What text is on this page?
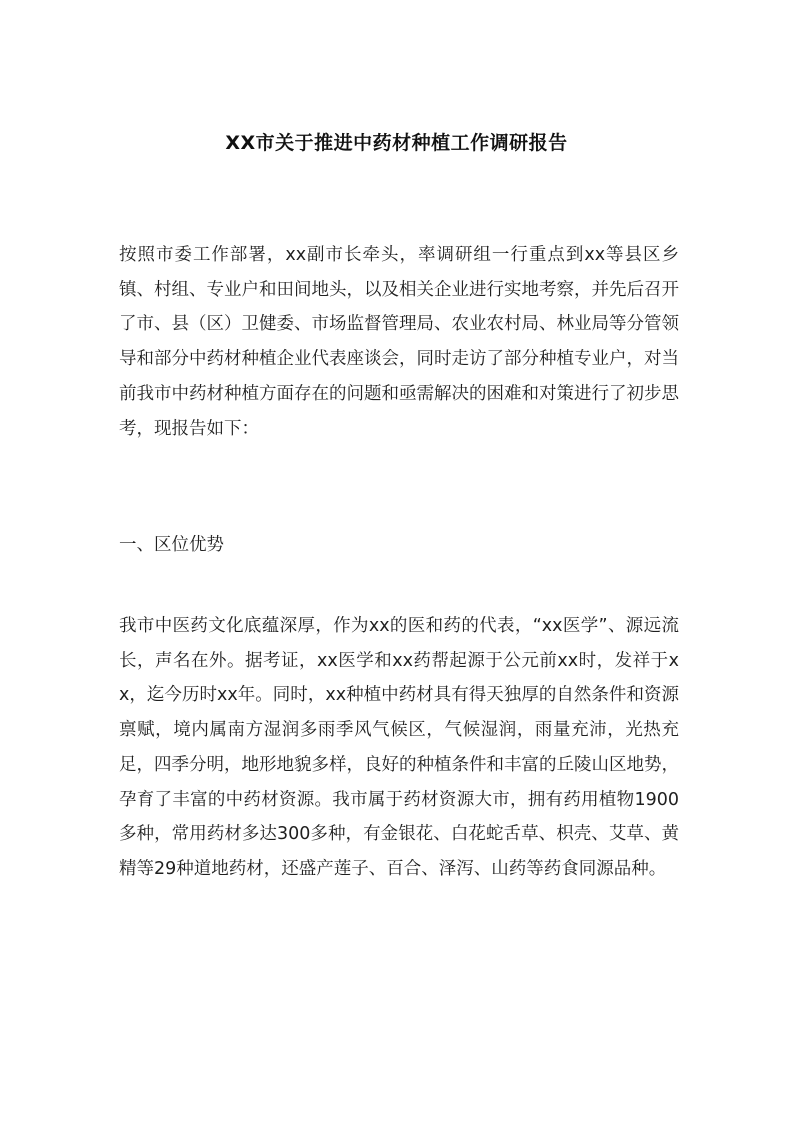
XX市关于推进中药材种植工作调研报告

按照市委工作部署，xx副市长牵头，率调研组一行重点到xx等县区乡镇、村组、专业户和田间地头，以及相关企业进行实地考察，并先后召开了市、县（区）卫健委、市场监督管理局、农业农村局、林业局等分管领导和部分中药材种植企业代表座谈会，同时走访了部分种植专业户，对当前我市中药材种植方面存在的问题和亟需解决的困难和对策进行了初步思考，现报告如下：

一、区位优势

我市中医药文化底蕴深厚，作为xx的医和药的代表，“xx医学”、源远流长，声名在外。据考证，xx医学和xx药帮起源于公元前xx时，发祥于xx，迄今历时xx年。同时，xx种植中药材具有得天独厚的自然条件和资源禀赋，境内属南方湿润多雨季风气候区，气候湿润，雨量充沛，光热充足，四季分明，地形地貌多样，良好的种植条件和丰富的丘陵山区地势，孕育了丰富的中药材资源。我市属于药材资源大市，拥有药用植物1900多种，常用药材多达300多种，有金银花、白花蛇舌草、枳壳、艾草、黄精等29种道地药材，还盛产莲子、百合、泽泻、山药等药食同源品种。
